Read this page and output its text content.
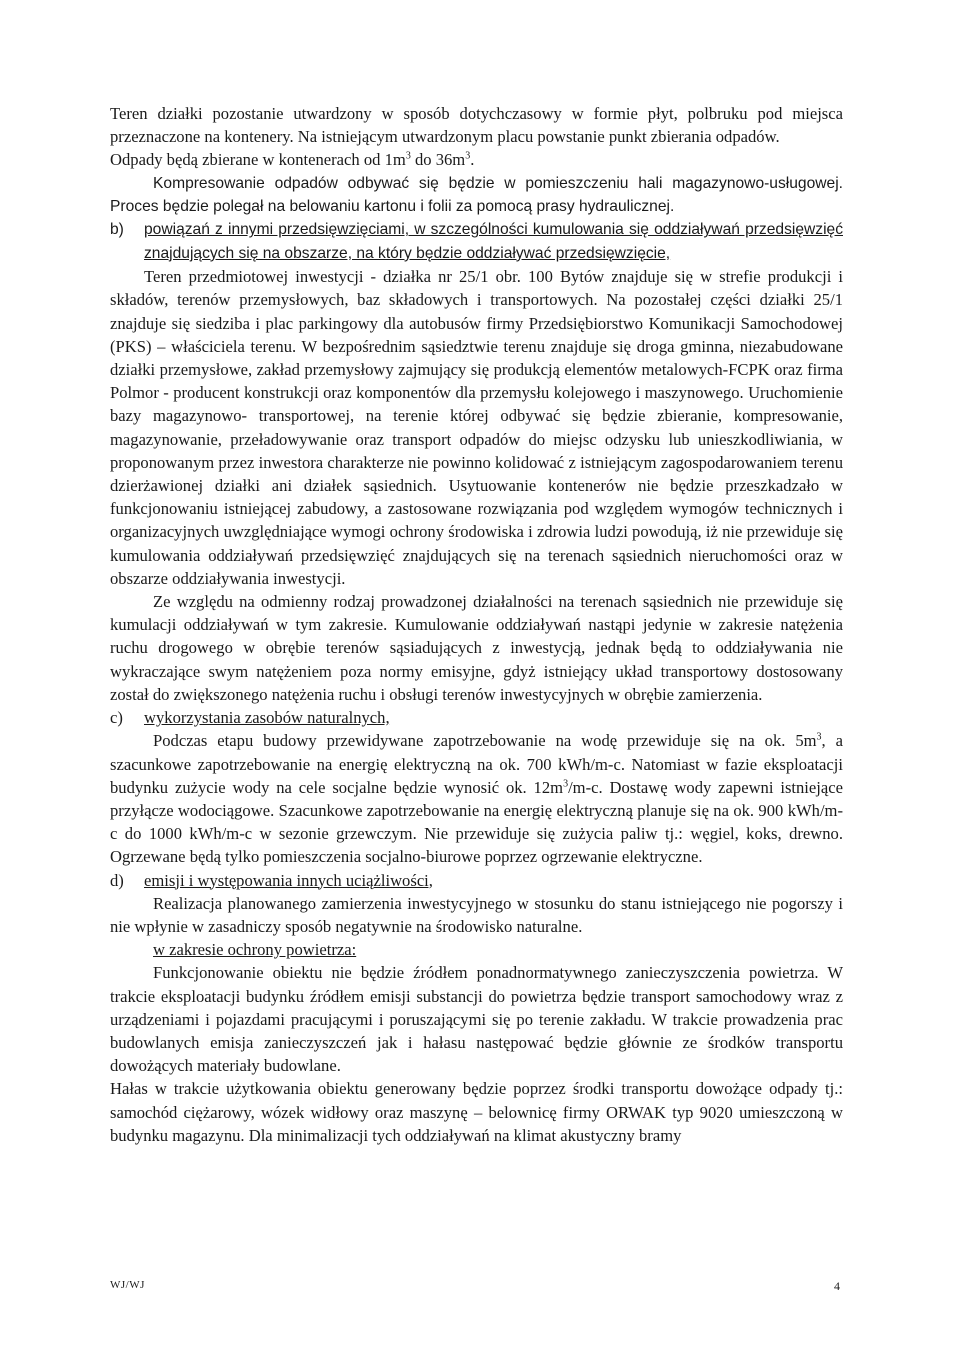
Teren działki pozostanie utwardzony w sposób dotychczasowy w formie płyt, polbruku pod miejsca przeznaczone na kontenery. Na istniejącym utwardzonym placu powstanie punkt zbierania odpadów.

Odpady będą zbierane w kontenerach od $1m^3$ do $36m^3$.

Kompresowanie odpadów odbywać się będzie w pomieszczeniu hali magazynowo-usługowej. Proces będzie polegał na belowaniu kartonu i folii za pomocą prasy hydraulicznej.

b) powiązań z innymi przedsięwzięciami, w szczególności kumulowania się oddziaływań przedsięwzięć znajdujących się na obszarze, na który będzie oddziaływać przedsięwzięcie,

Teren przedmiotowej inwestycji - działka nr 25/1 obr. 100 Bytów znajduje się w strefie produkcji i składów, terenów przemysłowych, baz składowych i transportowych. Na pozostałej części działki 25/1 znajduje się siedziba i plac parkingowy dla autobusów firmy Przedsiębiorstwo Komunikacji Samochodowej (PKS) – właściciela terenu. W bezpośrednim sąsiedztwie terenu znajduje się droga gminna, niezabudowane działki przemysłowe, zakład przemysłowy zajmujący się produkcją elementów metalowych-FCPK oraz firma Polmor - producent konstrukcji oraz komponentów dla przemysłu kolejowego i maszynowego. Uruchomienie bazy magazynowo- transportowej, na terenie której odbywać się będzie zbieranie, kompresowanie, magazynowanie, przeładowywanie oraz transport odpadów do miejsc odzysku lub unieszkodliwiania, w proponowanym przez inwestora charakterze nie powinno kolidować z istniejącym zagospodarowaniem terenu dzierżawionej działki ani działek sąsiednich. Usytuowanie kontenerów nie będzie przeszkadzało w funkcjonowaniu istniejącej zabudowy, a zastosowane rozwiązania pod względem wymogów technicznych i organizacyjnych uwzględniające wymogi ochrony środowiska i zdrowia ludzi powodują, iż nie przewiduje się kumulowania oddziaływań przedsięwzięć znajdujących się na terenach sąsiednich nieruchomości oraz w obszarze oddziaływania inwestycji.

Ze względu na odmienny rodzaj prowadzonej działalności na terenach sąsiednich nie przewiduje się kumulacji oddziaływań w tym zakresie. Kumulowanie oddziaływań nastąpi jedynie w zakresie natężenia ruchu drogowego w obrębie terenów sąsiadujących z inwestycją, jednak będą to oddziaływania nie wykraczające swym natężeniem poza normy emisyjne, gdyż istniejący układ transportowy dostosowany został do zwiększonego natężenia ruchu i obsługi terenów inwestycyjnych w obrębie zamierzenia.

c) wykorzystania zasobów naturalnych,

Podczas etapu budowy przewidywane zapotrzebowanie na wodę przewiduje się na ok. $5m^3$, a szacunkowe zapotrzebowanie na energię elektryczną na ok. 700 kWh/m-c. Natomiast w fazie eksploatacji budynku zużycie wody na cele socjalne będzie wynosić ok. $12m^3/m-c$. Dostawę wody zapewni istniejące przyłącze wodociągowe. Szacunkowe zapotrzebowanie na energię elektryczną planuje się na ok. 900 kWh/m-c do 1000 kWh/m-c w sezonie grzewczym. Nie przewiduje się zużycia paliw tj.: węgiel, koks, drewno. Ogrzewane będą tylko pomieszczenia socjalno-biurowe poprzez ogrzewanie elektryczne.

d) emisji i występowania innych uciążliwości,

Realizacja planowanego zamierzenia inwestycyjnego w stosunku do stanu istniejącego nie pogorszy i nie wpłynie w zasadniczy sposób negatywnie na środowisko naturalne.

w zakresie ochrony powietrza:

Funkcjonowanie obiektu nie będzie źródłem ponadnormatywnego zanieczyszczenia powietrza. W trakcie eksploatacji budynku źródłem emisji substancji do powietrza będzie transport samochodowy wraz z urządzeniami i pojazdami pracującymi i poruszającymi się po terenie zakładu. W trakcie prowadzenia prac budowlanych emisja zanieczyszczeń jak i hałasu następować będzie głównie ze środków transportu dowożących materiały budowlane.

Hałas w trakcie użytkowania obiektu generowany będzie poprzez środki transportu dowożące odpady tj.: samochód ciężarowy, wózek widłowy oraz maszynę – belownicę firmy ORWAK typ 9020 umieszczoną w budynku magazynu. Dla minimalizacji tych oddziaływań na klimat akustyczny bramy

WJ/WJ	4
